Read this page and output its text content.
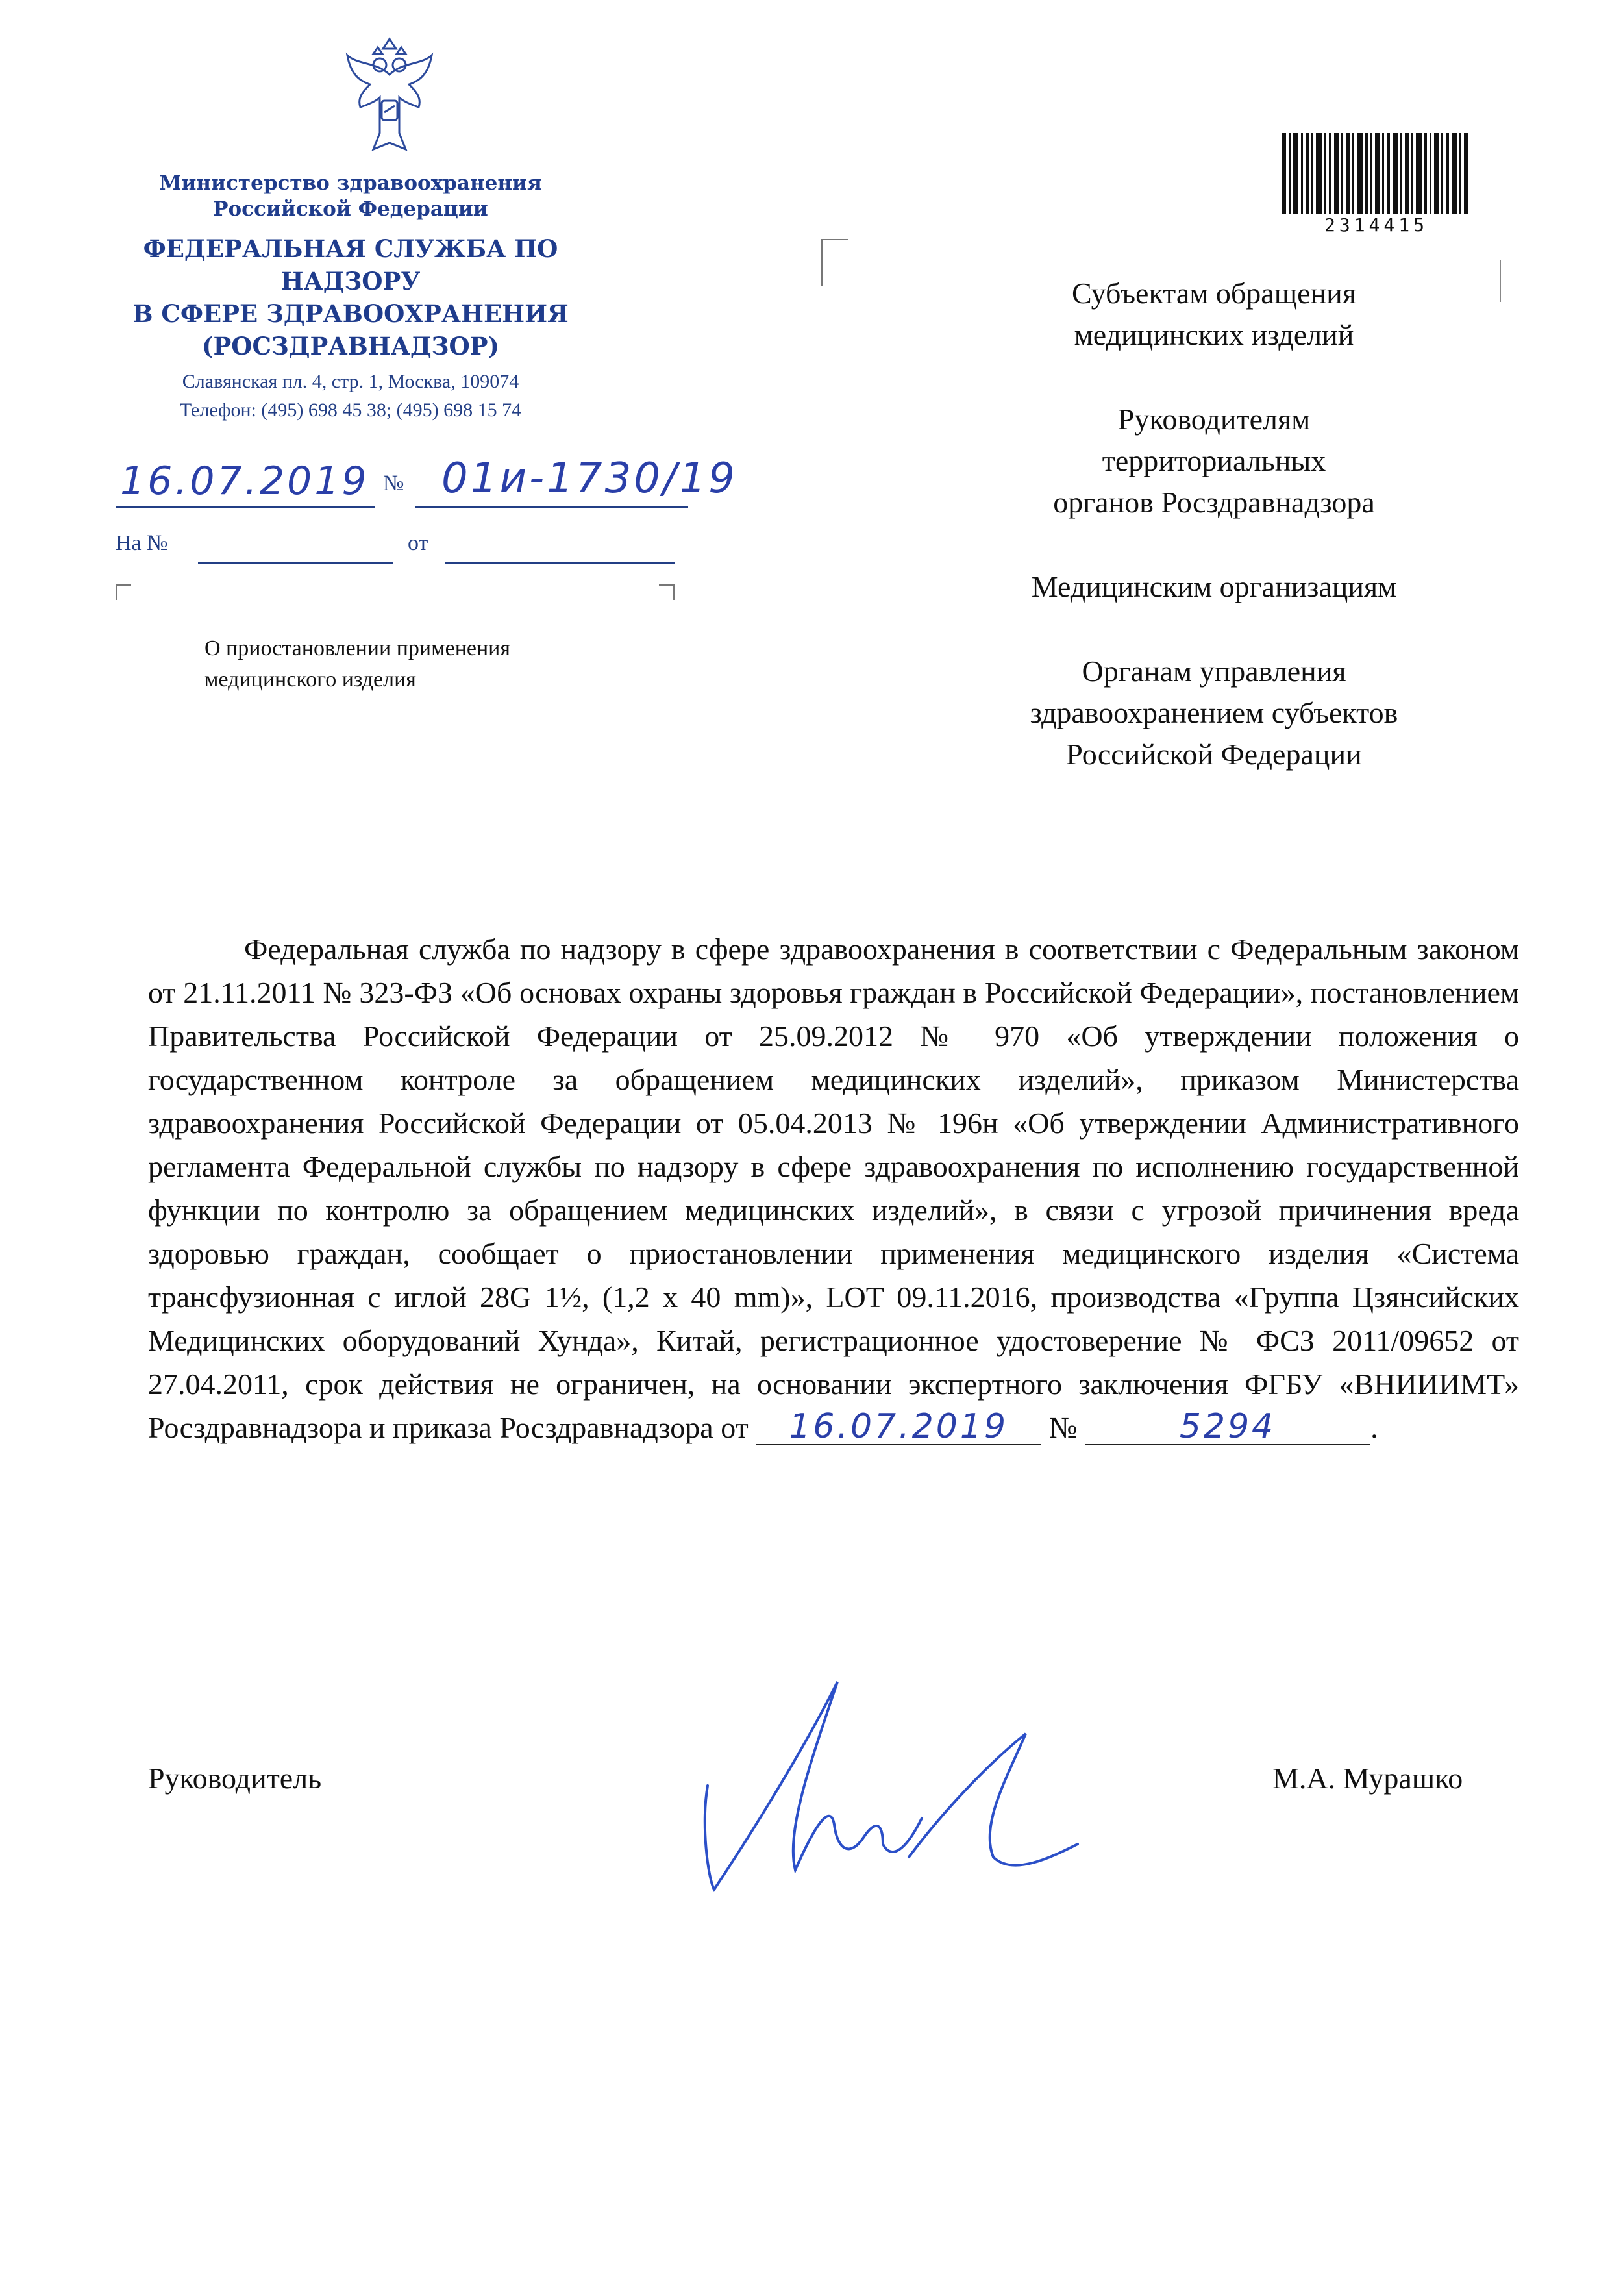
Министерство здравоохранения
Российской Федерации
ФЕДЕРАЛЬНАЯ СЛУЖБА ПО НАДЗОРУ
В СФЕРЕ ЗДРАВООХРАНЕНИЯ
(РОСЗДРАВНАДЗОР)
Славянская пл. 4, стр. 1, Москва, 109074
Телефон: (495) 698 45 38; (495) 698 15 74
16.07.2019 № 01и-1730/19
На №	от
О приостановлении применения
медицинского изделия
2314415
Субъектам обращения
медицинских изделий
Руководителям
территориальных
органов Росздравнадзора
Медицинским организациям
Органам управления
здравоохранением субъектов
Российской Федерации
Федеральная служба по надзору в сфере здравоохранения в соответствии с Федеральным законом от 21.11.2011 № 323-ФЗ «Об основах охраны здоровья граждан в Российской Федерации», постановлением Правительства Российской Федерации от 25.09.2012 № 970 «Об утверждении положения о государственном контроле за обращением медицинских изделий», приказом Министерства здравоохранения Российской Федерации от 05.04.2013 № 196н «Об утверждении Административного регламента Федеральной службы по надзору в сфере здравоохранения по исполнению государственной функции по контролю за обращением медицинских изделий», в связи с угрозой причинения вреда здоровью граждан, сообщает о приостановлении применения медицинского изделия «Система трансфузионная с иглой 28G 1½, (1,2 x 40 mm)», LOT 09.11.2016, производства «Группа Цзянсийских Медицинских оборудований Хунда», Китай, регистрационное удостоверение № ФСЗ 2011/09652 от 27.04.2011, срок действия не ограничен, на основании экспертного заключения ФГБУ «ВНИИИМТ» Росздравнадзора и приказа Росздравнадзора от 16.07.2019 №	5294	.
Руководитель	М.А. Мурашко
